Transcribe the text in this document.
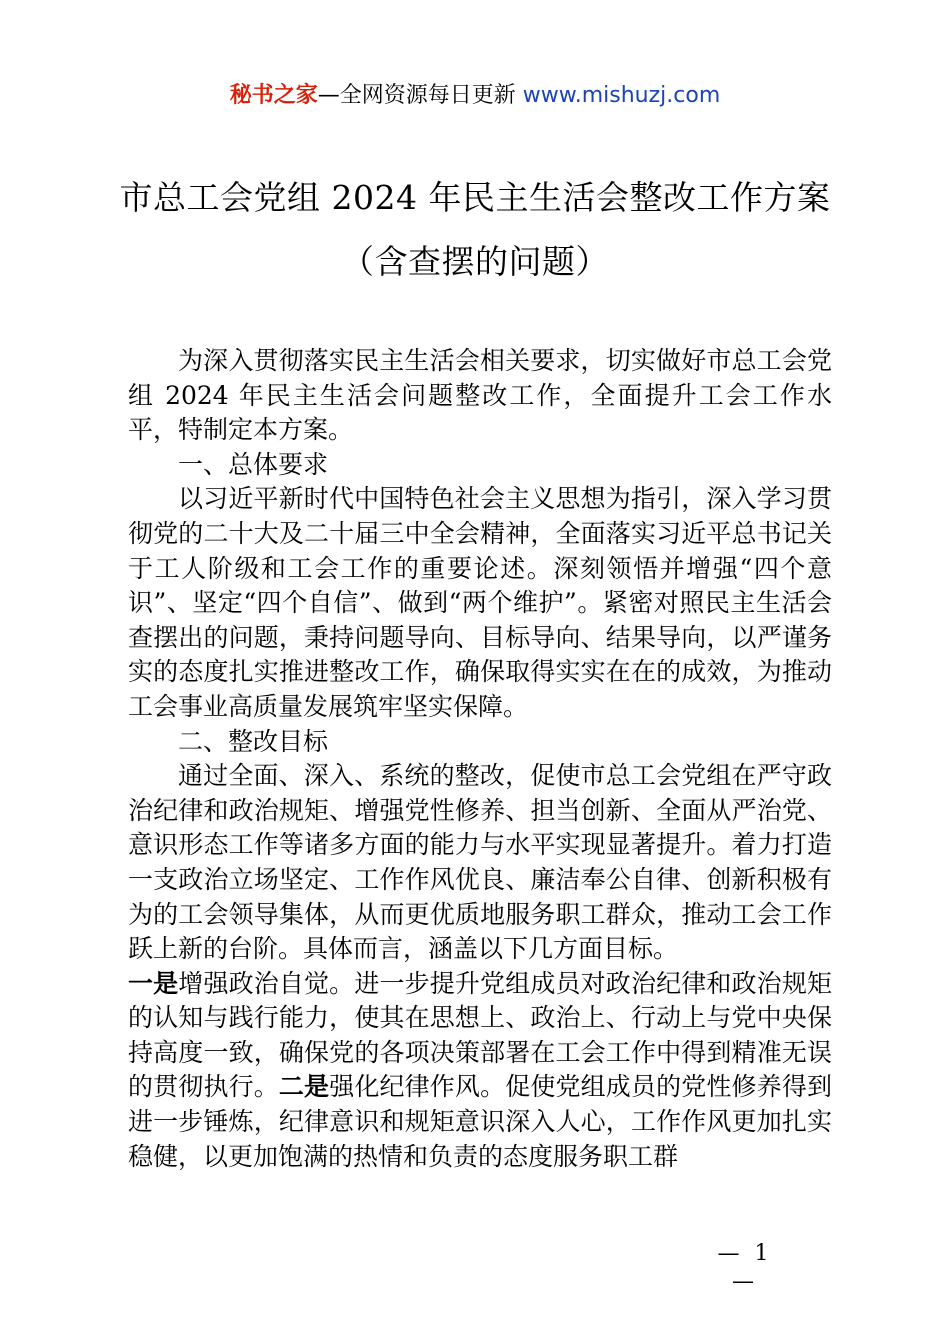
秘书之家—全网资源每日更新 www.mishuzj.com
市总工会党组 2024 年民主生活会整改工作方案（含查摆的问题）

为深入贯彻落实民主生活会相关要求，切实做好市总工会党组 2024 年民主生活会问题整改工作，全面提升工会工作水平，特制定本方案。

一、总体要求

以习近平新时代中国特色社会主义思想为指引，深入学习贯彻党的二十大及二十届三中全会精神，全面落实习近平总书记关于工人阶级和工会工作的重要论述。深刻领悟并增强“四个意识”、坚定“四个自信”、做到“两个维护”。紧密对照民主生活会查摆出的问题，秉持问题导向、目标导向、结果导向，以严谨务实的态度扎实推进整改工作，确保取得实实在在的成效，为推动工会事业高质量发展筑牢坚实保障。

二、整改目标

通过全面、深入、系统的整改，促使市总工会党组在严守政治纪律和政治规矩、增强党性修养、担当创新、全面从严治党、意识形态工作等诸多方面的能力与水平实现显著提升。着力打造一支政治立场坚定、工作作风优良、廉洁奉公自律、创新积极有为的工会领导集体，从而更优质地服务职工群众，推动工会工作跃上新的台阶。具体而言，涵盖以下几方面目标。

一是增强政治自觉。进一步提升党组成员对政治纪律和政治规矩的认知与践行能力，使其在思想上、政治上、行动上与党中央保持高度一致，确保党的各项决策部署在工会工作中得到精准无误的贯彻执行。二是强化纪律作风。促使党组成员的党性修养得到进一步锤炼，纪律意识和规矩意识深入人心，工作作风更加扎实稳健，以更加饱满的热情和负责的态度服务职工群

— 1 —
